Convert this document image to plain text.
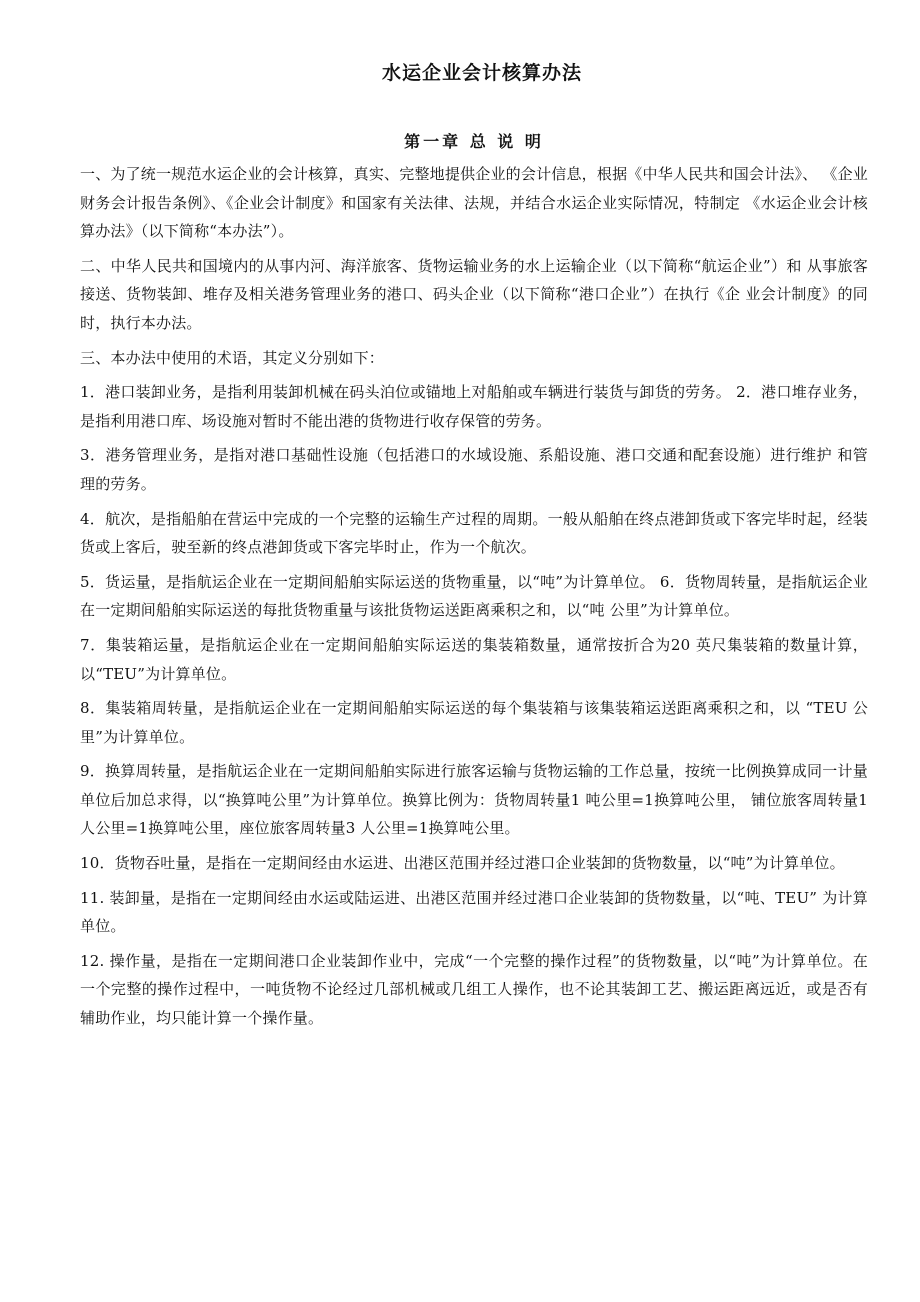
水运企业会计核算办法
第一章 总 说 明

一、为了统一规范水运企业的会计核算，真实、完整地提供企业的会计信息，根据《中华人民共和国会计法》、 《企业财务会计报告条例》、《企业会计制度》和国家有关法律、法规，并结合水运企业实际情况，特制定 《水运企业会计核算办法》（以下简称“本办法”）。

二、中华人民共和国境内的从事内河、海洋旅客、货物运输业务的水上运输企业（以下简称“航运企业”）和 从事旅客接送、货物装卸、堆存及相关港务管理业务的港口、码头企业（以下简称“港口企业”）在执行《企 业会计制度》的同时，执行本办法。

三、本办法中使用的术语，其定义分别如下：

1．港口装卸业务，是指利用装卸机械在码头泊位或锚地上对船舶或车辆进行装货与卸货的劳务。 2．港口堆存业务，是指利用港口库、场设施对暂时不能出港的货物进行收存保管的劳务。

3．港务管理业务，是指对港口基础性设施（包括港口的水域设施、系船设施、港口交通和配套设施）进行维护 和管理的劳务。

4．航次，是指船舶在营运中完成的一个完整的运输生产过程的周期。一般从船舶在终点港卸货或下客完毕时起，经装货或上客后，驶至新的终点港卸货或下客完毕时止，作为一个航次。

5．货运量，是指航运企业在一定期间船舶实际运送的货物重量，以“吨”为计算单位。 6．货物周转量，是指航运企业在一定期间船舶实际运送的每批货物重量与该批货物运送距离乘积之和，以“吨 公里”为计算单位。

7．集装箱运量，是指航运企业在一定期间船舶实际运送的集装箱数量，通常按折合为20 英尺集装箱的数量计算，以“TEU”为计算单位。

8．集装箱周转量，是指航运企业在一定期间船舶实际运送的每个集装箱与该集装箱运送距离乘积之和，以 “TEU 公里”为计算单位。

9．换算周转量，是指航运企业在一定期间船舶实际进行旅客运输与货物运输的工作总量，按统一比例换算成同一计量单位后加总求得，以“换算吨公里”为计算单位。换算比例为：货物周转量1 吨公里=1换算吨公里， 铺位旅客周转量1 人公里=1换算吨公里，座位旅客周转量3 人公里=1换算吨公里。

10．货物吞吐量，是指在一定期间经由水运进、出港区范围并经过港口企业装卸的货物数量，以“吨”为计算单位。

11. 装卸量，是指在一定期间经由水运或陆运进、出港区范围并经过港口企业装卸的货物数量，以“吨、TEU” 为计算单位。

12. 操作量，是指在一定期间港口企业装卸作业中，完成“一个完整的操作过程”的货物数量，以“吨”为计算单位。在一个完整的操作过程中，一吨货物不论经过几部机械或几组工人操作，也不论其装卸工艺、搬运距离远近，或是否有辅助作业，均只能计算一个操作量。
